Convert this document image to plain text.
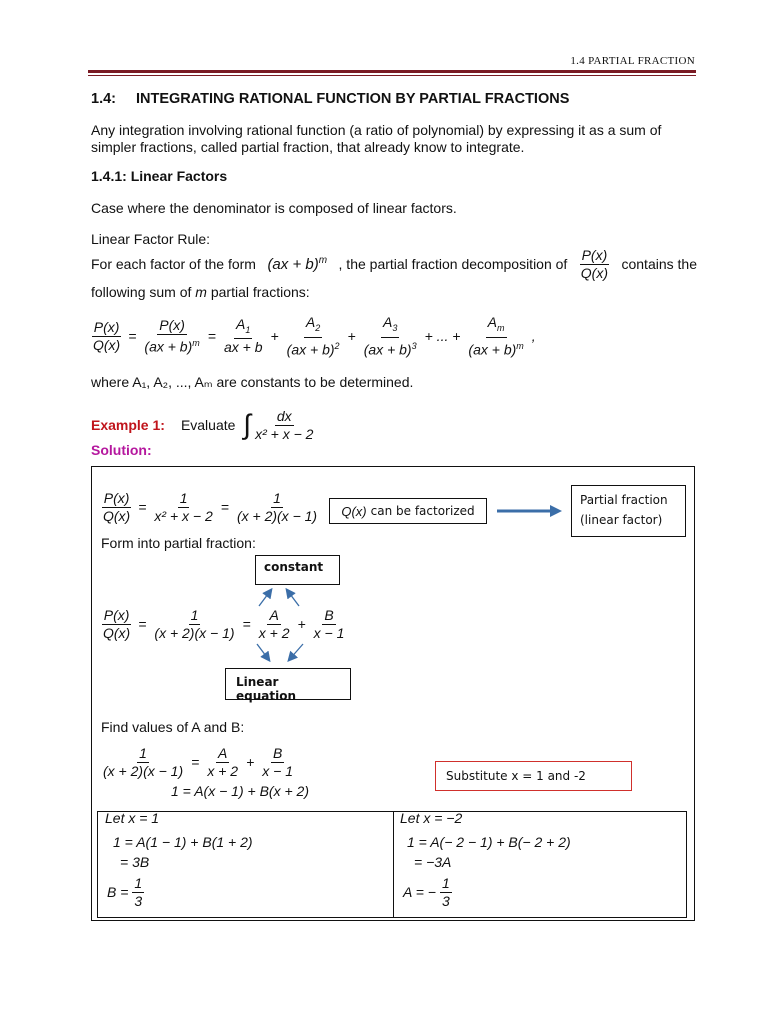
1.4 PARTIAL FRACTION
1.4: INTEGRATING RATIONAL FUNCTION BY PARTIAL FRACTIONS
Any integration involving rational function (a ratio of polynomial) by expressing it as a sum of simpler fractions, called partial fraction, that already know to integrate.
1.4.1: Linear Factors
Case where the denominator is composed of linear factors.
Linear Factor Rule:
For each factor of the form (ax + b)$^m$ , the partial fraction decomposition of $\frac{P(x)}{Q(x)}$ contains the
following sum of m partial fractions:
$\frac{P(x)}{Q(x)} = \frac{P(x)}{(ax + b)^m} = \frac{A_1}{ax + b} + \frac{A_2}{(ax + b)^2} + \frac{A_3}{(ax + b)^3}$ + ... + $\frac{A_m}{(ax + b)^m}$ ,
where A₁, A₂, ..., Aₘ are constants to be determined.
Example 1: Evaluate ∫ $\frac{dx}{\text{x² + x − 2}}$
Solution:
$\frac{P(x)}{Q(x)} = \frac{1}{\text{x² + x − 2}} = \frac{1}{(x + 2)(x - 1)} Q(x)$ can be factorized
Partial fraction
(linear factor)
Form into partial fraction:
constant
$\frac{P(x)}{Q(x)} = \frac{1}{(x + 2)(x - 1)} = \frac{A}{x + 2} + \frac{B}{x - 1}$
Linear equation
Find values of A and B:
$\frac{1}{(x + 2)(x - 1)} = \frac{A}{x + 2} + \frac{B}{x - 1}$
1 = A(x − 1) + B(x + 2)
Substitute x = 1 and -2
Let x = 1
1 = A(1 − 1) + B(1 + 2)
= 3B
$B = \frac{1}{3}$
Let x = −2
1 = A(− 2 − 1) + B(− 2 + 2)
= −3A
A = − $\frac{1}{3}$
